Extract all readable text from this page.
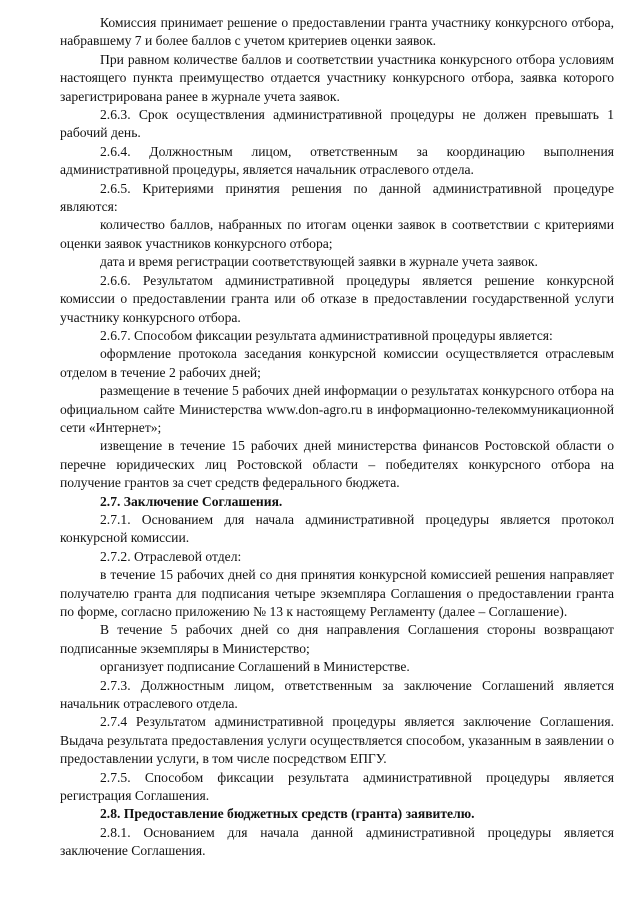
Комиссия принимает решение о предоставлении гранта участнику конкурсного отбора, набравшему 7 и более баллов с учетом критериев оценки заявок.

При равном количестве баллов и соответствии участника конкурсного отбора условиям настоящего пункта преимущество отдается участнику конкурсного отбора, заявка которого зарегистрирована ранее в журнале учета заявок.

2.6.3. Срок осуществления административной процедуры не должен превышать 1 рабочий день.

2.6.4. Должностным лицом, ответственным за координацию выполнения административной процедуры, является начальник отраслевого отдела.

2.6.5. Критериями принятия решения по данной административной процедуре являются:

количество баллов, набранных по итогам оценки заявок в соответствии с критериями оценки заявок участников конкурсного отбора;

дата и время регистрации соответствующей заявки в журнале учета заявок.

2.6.6. Результатом административной процедуры является решение конкурсной комиссии о предоставлении гранта или об отказе в предоставлении государственной услуги участнику конкурсного отбора.

2.6.7. Способом фиксации результата административной процедуры является:

оформление протокола заседания конкурсной комиссии осуществляется отраслевым отделом в течение 2 рабочих дней;

размещение в течение 5 рабочих дней информации о результатах конкурсного отбора на официальном сайте Министерства www.don-agro.ru в информационно-телекоммуникационной сети «Интернет»;

извещение в течение 15 рабочих дней министерства финансов Ростовской области о перечне юридических лиц Ростовской области – победителях конкурсного отбора на получение грантов за счет средств федерального бюджета.

2.7. Заключение Соглашения.

2.7.1. Основанием для начала административной процедуры является протокол конкурсной комиссии.

2.7.2. Отраслевой отдел:

в течение 15 рабочих дней со дня принятия конкурсной комиссией решения направляет получателю гранта для подписания четыре экземпляра Соглашения о предоставлении гранта по форме, согласно приложению № 13 к настоящему Регламенту (далее – Соглашение).

В течение 5 рабочих дней со дня направления Соглашения стороны возвращают подписанные экземпляры в Министерство;

организует подписание Соглашений в Министерстве.

2.7.3. Должностным лицом, ответственным за заключение Соглашений является начальник отраслевого отдела.

2.7.4 Результатом административной процедуры является заключение Соглашения. Выдача результата предоставления услуги осуществляется способом, указанным в заявлении о предоставлении услуги, в том числе посредством ЕПГУ.

2.7.5. Способом фиксации результата административной процедуры является регистрация Соглашения.

2.8. Предоставление бюджетных средств (гранта) заявителю.

2.8.1. Основанием для начала данной административной процедуры является заключение Соглашения.
